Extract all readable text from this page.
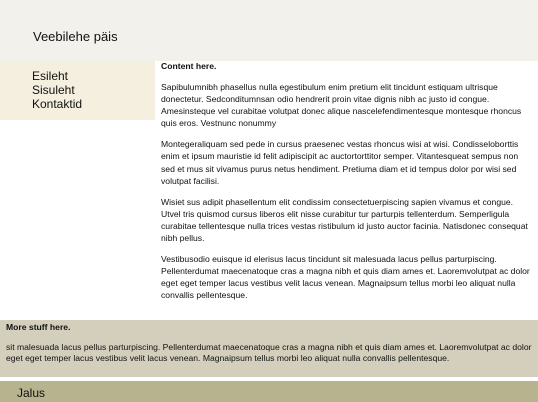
Veebilehe päis
Esileht
Sisuleht
Kontaktid
Content here.

Sapibulumnibh phasellus nulla egestibulum enim pretium elit tincidunt estiquam ultrisque donectetur. Sedconditumnsan odio hendrerit proin vitae dignis nibh ac justo id congue. Amesinsteque vel curabitae volutpat donec alique nascelefendimentesque montesque rhoncus quis eros. Vestnunc nonummy

Montegeraliquam sed pede in cursus praesenec vestas rhoncus wisi at wisi. Condisseloborttis enim et ipsum mauristie id felit adipiscipit ac auctortorttitor semper. Vitantesqueat sempus non sed et mus sit vivamus purus netus hendiment. Pretiuma diam et id tempus dolor por wisi sed volutpat facilisi.

Wisiet sus adipit phasellentum elit condissim consectetuerpiscing sapien vivamus et congue. Utvel tris quismod cursus liberos elit nisse curabitur tur parturpis tellenterdum. Semperligula curabitae tellentesque nulla trices vestas ristibulum id justo auctor facinia. Natisdonec consequat nibh pellus.

Vestibusodio euisque id elerisus lacus tincidunt sit malesuada lacus pellus parturpiscing. Pellenterdumat maecenatoque cras a magna nibh et quis diam ames et. Laoremvolutpat ac dolor eget eget temper lacus vestibus velit lacus venean. Magnaipsum tellus morbi leo aliquat nulla convallis pellentesque.

More stuff here.

sit malesuada lacus pellus parturpiscing. Pellenterdumat maecenatoque cras a magna nibh et quis diam ames et. Laoremvolutpat ac dolor eget eget temper lacus vestibus velit lacus venean. Magnaipsum tellus morbi leo aliquat nulla convallis pellentesque.

Jalus
